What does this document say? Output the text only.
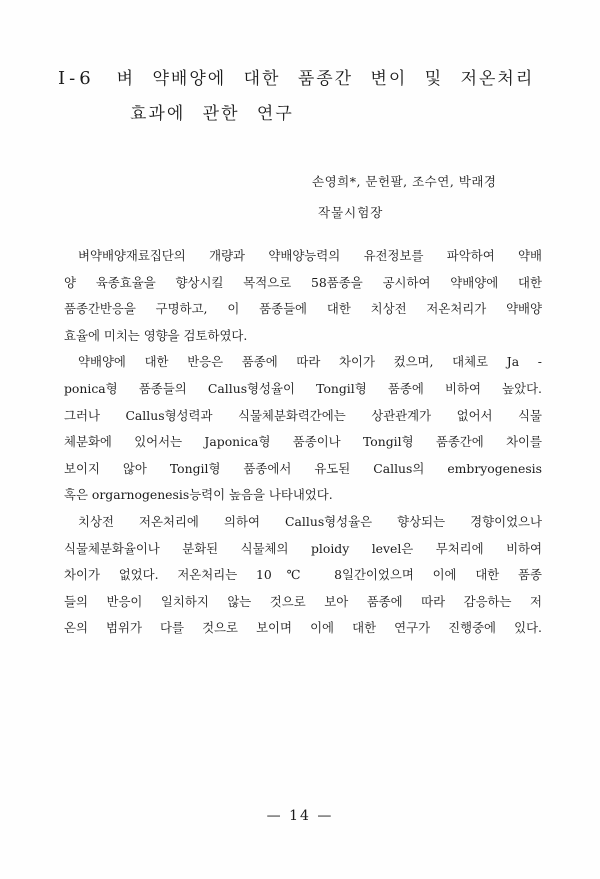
Ⅰ-6 벼 약배양에 대한 품종간 변이 및 저온처리
효과에 관한 연구
손영희*, 문헌팔, 조수연, 박래경
작물시험장
벼약배양재료집단의 개량과 약배양능력의 유전정보를 파악하여 약배
양 육종효율을 향상시킬 목적으로 58품종을 공시하여 약배양에 대한
품종간반응을 구명하고, 이 품종들에 대한 치상전 저온처리가 약배양
효율에 미치는 영향을 검토하였다.
약배양에 대한 반응은 품종에 따라 차이가 컸으며, 대체로 Ja -
ponica형 품종들의 Callus형성율이 Tongil형 품종에 비하여 높았다.
그러나 Callus형성력과 식물체분화력간에는 상관관계가 없어서 식물
체분화에 있어서는 Japonica형 품종이나 Tongil형 품종간에 차이를
보이지 않아 Tongil형 품종에서 유도된 Callus의 embryogenesis
혹은 orgarnogenesis능력이 높음을 나타내었다.
치상전 저온처리에 의하여 Callus형성율은 향상되는 경향이었으나
식물체분화율이나 분화된 식물체의 ploidy level은 무처리에 비하여
차이가 없었다. 저온처리는 10℃ 8일간이었으며 이에 대한 품종
들의 반응이 일치하지 않는 것으로 보아 품종에 따라 감응하는 저
온의 범위가 다를 것으로 보이며 이에 대한 연구가 진행중에 있다.
— 14 —
